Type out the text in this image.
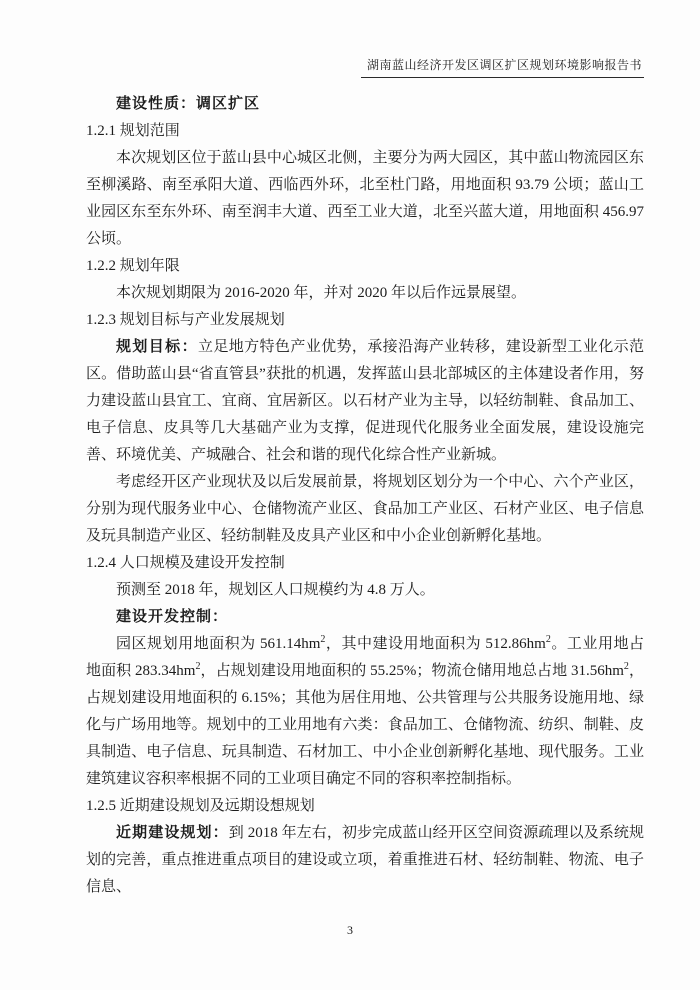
湖南蓝山经济开发区调区扩区规划环境影响报告书
建设性质：调区扩区
1.2.1 规划范围
本次规划区位于蓝山县中心城区北侧，主要分为两大园区，其中蓝山物流园区东至柳溪路、南至承阳大道、西临西外环，北至杜门路，用地面积 93.79 公顷；蓝山工业园区东至东外环、南至润丰大道、西至工业大道，北至兴蓝大道，用地面积 456.97 公顷。
1.2.2 规划年限
本次规划期限为 2016-2020 年，并对 2020 年以后作远景展望。
1.2.3 规划目标与产业发展规划
规划目标：立足地方特色产业优势，承接沿海产业转移，建设新型工业化示范区。借助蓝山县“省直管县”获批的机遇，发挥蓝山县北部城区的主体建设者作用，努力建设蓝山县宜工、宜商、宜居新区。以石材产业为主导，以轻纺制鞋、食品加工、电子信息、皮具等几大基础产业为支撑，促进现代化服务业全面发展，建设设施完善、环境优美、产城融合、社会和谐的现代化综合性产业新城。
考虑经开区产业现状及以后发展前景，将规划区划分为一个中心、六个产业区，分别为现代服务业中心、仓储物流产业区、食品加工产业区、石材产业区、电子信息及玩具制造产业区、轻纺制鞋及皮具产业区和中小企业创新孵化基地。
1.2.4 人口规模及建设开发控制
预测至 2018 年，规划区人口规模约为 4.8 万人。
建设开发控制：
园区规划用地面积为 $561.14hm^2$，其中建设用地面积为 $512.86hm^2$。工业用地占地面积 $283.34hm^2$，占规划建设用地面积的 55.25%；物流仓储用地总占地 $31.56hm^2$，占规划建设用地面积的 6.15%；其他为居住用地、公共管理与公共服务设施用地、绿化与广场用地等。规划中的工业用地有六类：食品加工、仓储物流、纺织、制鞋、皮具制造、电子信息、玩具制造、石材加工、中小企业创新孵化基地、现代服务。工业建筑建议容积率根据不同的工业项目确定不同的容积率控制指标。
1.2.5 近期建设规划及远期设想规划
近期建设规划：到 2018 年左右，初步完成蓝山经开区空间资源疏理以及系统规划的完善，重点推进重点项目的建设或立项，着重推进石材、轻纺制鞋、物流、电子信息、
3
